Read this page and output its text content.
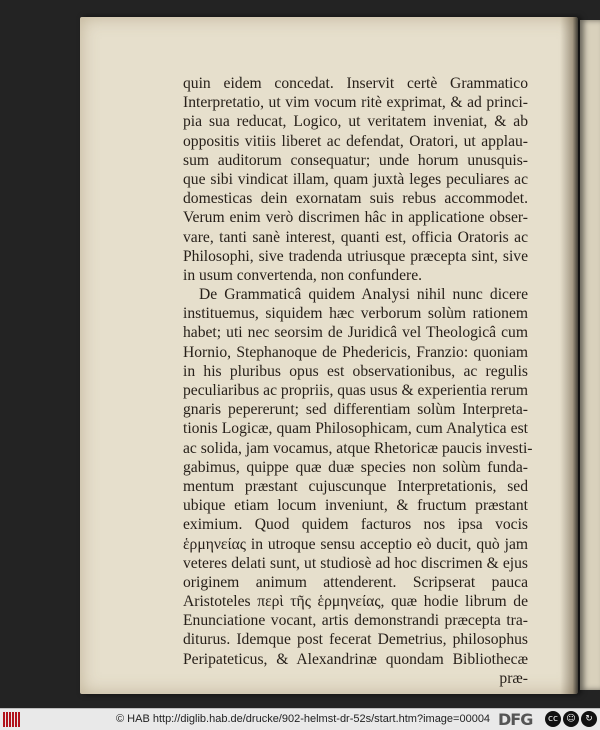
quin eidem concedat. Inservit certè Grammatico
Interpretatio, ut vim vocum ritè exprimat, & ad princi-
pia sua reducat, Logico, ut veritatem inveniat, & ab
oppositis vitiis liberet ac defendat, Oratori, ut applau-
sum auditorum consequatur; unde horum unusquis-
que sibi vindicat illam, quam juxtà leges peculiares ac
domesticas dein exornatam suis rebus accommodet.
Verum enim verò discrimen hâc in applicatione obser-
vare, tanti sanè interest, quanti est, officia Oratoris ac
Philosophi, sive tradenda utriusque præcepta sint, sive
in usum convertenda, non confundere.
De Grammaticâ quidem Analysi nihil nunc dicere
instituemus, siquidem hæc verborum solùm rationem
habet; uti nec seorsim de Juridicâ vel Theologicâ cum
Hornio, Stephanoque de Phedericis, Franzio: quoniam
in his pluribus opus est observationibus, ac regulis
peculiaribus ac propriis, quas usus & experientia rerum
gnaris pepererunt; sed differentiam solùm Interpreta-
tionis Logicæ, quam Philosophicam, cum Analytica est
ac solida, jam vocamus, atque Rhetoricæ paucis investi-
gabimus, quippe quæ duæ species non solùm funda-
mentum præstant cujuscunque Interpretationis, sed
ubique etiam locum inveniunt, & fructum præstant
eximium. Quod quidem facturos nos ipsa vocis
ἑρμηνείας in utroque sensu acceptio eò ducit, quò jam
veteres delati sunt, ut studiosè ad hoc discrimen & ejus
originem animum attenderent. Scripserat pauca
Aristoteles περὶ τῆς ἑρμηνείας, quæ hodie librum de
Enunciatione vocant, artis demonstrandi præcepta tra-
diturus. Idemque post fecerat Demetrius, philosophus
Peripateticus, & Alexandrinæ quondam Bibliothecæ
præ-
© HAB http://diglib.hab.de/drucke/902-helmst-dr-52s/start.htm?image=00004 DFG	cc ☺	↻
